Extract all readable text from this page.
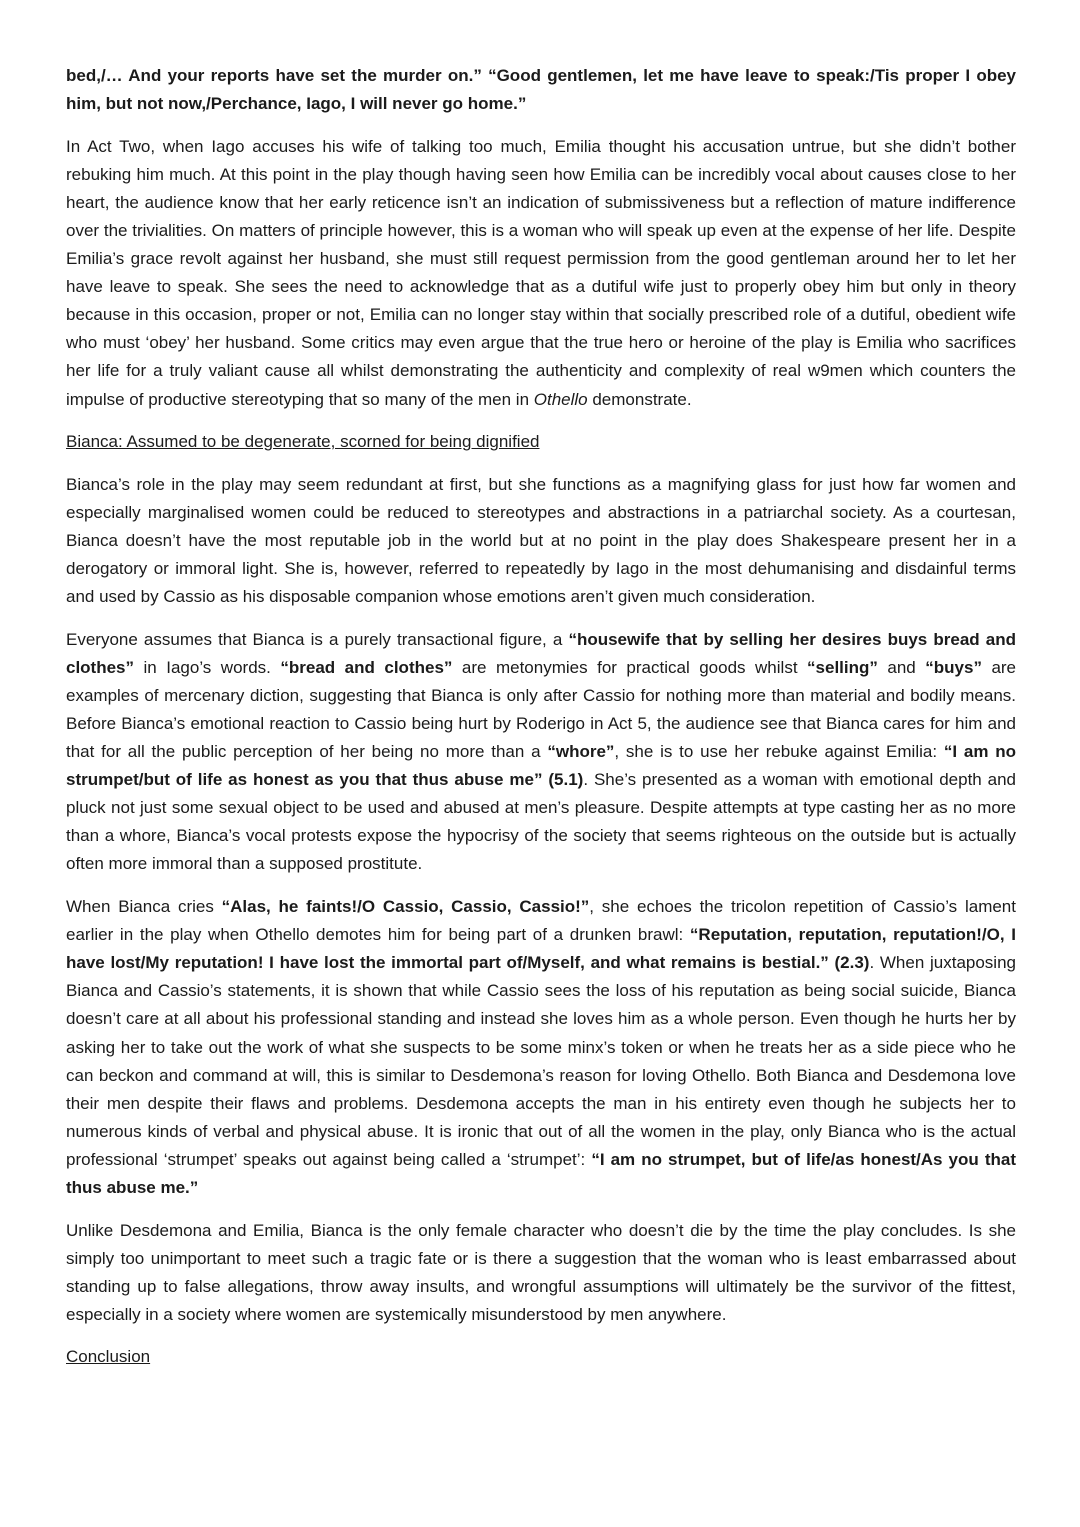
bed,/… And your reports have set the murder on.” “Good gentlemen, let me have leave to speak:/Tis proper I obey him, but not now,/Perchance, Iago, I will never go home.”

In Act Two, when Iago accuses his wife of talking too much, Emilia thought his accusation untrue, but she didn’t bother rebuking him much. At this point in the play though having seen how Emilia can be incredibly vocal about causes close to her heart, the audience know that her early reticence isn’t an indication of submissiveness but a reflection of mature indifference over the trivialities. On matters of principle however, this is a woman who will speak up even at the expense of her life. Despite Emilia’s grace revolt against her husband, she must still request permission from the good gentleman around her to let her have leave to speak. She sees the need to acknowledge that as a dutiful wife just to properly obey him but only in theory because in this occasion, proper or not, Emilia can no longer stay within that socially prescribed role of a dutiful, obedient wife who must ‘obey’ her husband. Some critics may even argue that the true hero or heroine of the play is Emilia who sacrifices her life for a truly valiant cause all whilst demonstrating the authenticity and complexity of real w9men which counters the impulse of productive stereotyping that so many of the men in Othello demonstrate.

Bianca: Assumed to be degenerate, scorned for being dignified

Bianca’s role in the play may seem redundant at first, but she functions as a magnifying glass for just how far women and especially marginalised women could be reduced to stereotypes and abstractions in a patriarchal society. As a courtesan, Bianca doesn’t have the most reputable job in the world but at no point in the play does Shakespeare present her in a derogatory or immoral light. She is, however, referred to repeatedly by Iago in the most dehumanising and disdainful terms and used by Cassio as his disposable companion whose emotions aren’t given much consideration.

Everyone assumes that Bianca is a purely transactional figure, a “housewife that by selling her desires buys bread and clothes” in Iago’s words. “bread and clothes” are metonymies for practical goods whilst “selling” and “buys” are examples of mercenary diction, suggesting that Bianca is only after Cassio for nothing more than material and bodily means. Before Bianca’s emotional reaction to Cassio being hurt by Roderigo in Act 5, the audience see that Bianca cares for him and that for all the public perception of her being no more than a “whore”, she is to use her rebuke against Emilia: “I am no strumpet/but of life as honest as you that thus abuse me” (5.1). She’s presented as a woman with emotional depth and pluck not just some sexual object to be used and abused at men’s pleasure. Despite attempts at type casting her as no more than a whore, Bianca’s vocal protests expose the hypocrisy of the society that seems righteous on the outside but is actually often more immoral than a supposed prostitute.

When Bianca cries “Alas, he faints!/O Cassio, Cassio, Cassio!”, she echoes the tricolon repetition of Cassio’s lament earlier in the play when Othello demotes him for being part of a drunken brawl: “Reputation, reputation, reputation!/O, I have lost/My reputation! I have lost the immortal part of/Myself, and what remains is bestial.” (2.3). When juxtaposing Bianca and Cassio’s statements, it is shown that while Cassio sees the loss of his reputation as being social suicide, Bianca doesn’t care at all about his professional standing and instead she loves him as a whole person. Even though he hurts her by asking her to take out the work of what she suspects to be some minx’s token or when he treats her as a side piece who he can beckon and command at will, this is similar to Desdemona’s reason for loving Othello. Both Bianca and Desdemona love their men despite their flaws and problems. Desdemona accepts the man in his entirety even though he subjects her to numerous kinds of verbal and physical abuse. It is ironic that out of all the women in the play, only Bianca who is the actual professional ‘strumpet’ speaks out against being called a ‘strumpet’: “I am no strumpet, but of life/as honest/As you that thus abuse me.”

Unlike Desdemona and Emilia, Bianca is the only female character who doesn’t die by the time the play concludes. Is she simply too unimportant to meet such a tragic fate or is there a suggestion that the woman who is least embarrassed about standing up to false allegations, throw away insults, and wrongful assumptions will ultimately be the survivor of the fittest, especially in a society where women are systemically misunderstood by men anywhere.

Conclusion
